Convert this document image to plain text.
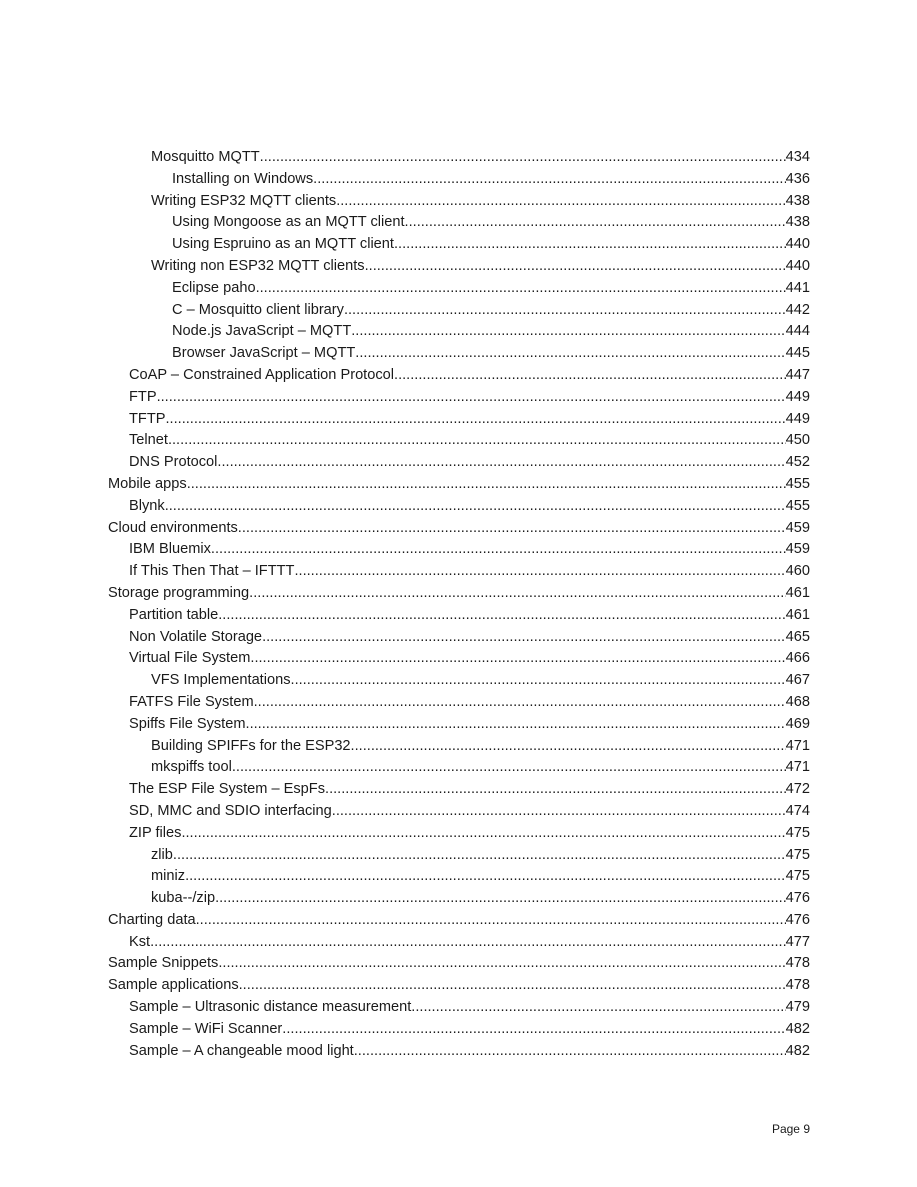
Mosquitto MQTT .....	434
Installing on Windows .....	436
Writing ESP32 MQTT clients .....	438
Using Mongoose as an MQTT client .....	438
Using Espruino as an MQTT client .....	440
Writing non ESP32 MQTT clients .....	440
Eclipse paho .....	441
C – Mosquitto client library .....	442
Node.js JavaScript – MQTT .....	444
Browser JavaScript – MQTT .....	445
CoAP – Constrained Application Protocol .....	447
FTP .....	449
TFTP .....	449
Telnet .....	450
DNS Protocol .....	452
Mobile apps .....	455
Blynk .....	455
Cloud environments .....	459
IBM Bluemix .....	459
If This Then That – IFTTT .....	460
Storage programming .....	461
Partition table .....	461
Non Volatile Storage .....	465
Virtual File System .....	466
VFS Implementations .....	467
FATFS File System .....	468
Spiffs File System .....	469
Building SPIFFs for the ESP32 .....	471
mkspiffs tool .....	471
The ESP File System – EspFs .....	472
SD, MMC and SDIO interfacing .....	474
ZIP files .....	475
zlib .....	475
miniz .....	475
kuba--/zip .....	476
Charting data .....	476
Kst .....	477
Sample Snippets .....	478
Sample applications .....	478
Sample – Ultrasonic distance measurement .....	479
Sample – WiFi Scanner .....	482
Sample – A changeable mood light .....	482
Page 9
